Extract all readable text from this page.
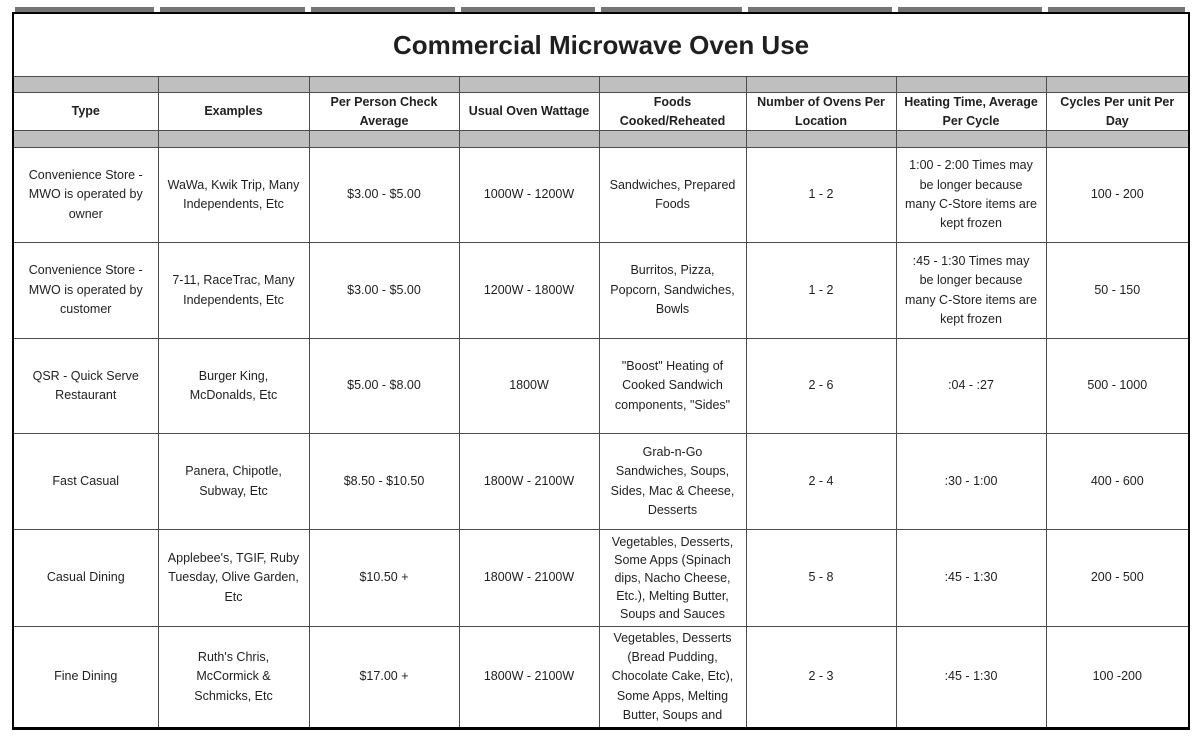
Commercial Microwave Oven Use							

Type	Examples	Per Person Check Average	Usual Oven Wattage	Foods Cooked/Reheated	Number of Ovens Per Location	Heating Time, Average Per Cycle	Cycles Per unit Per Day

Convenience Store - MWO is operated by owner	WaWa, Kwik Trip, Many Independents, Etc	$3.00 - $5.00	1000W - 1200W	Sandwiches, Prepared Foods	1 - 2	1:00 - 2:00 Times may be longer because many C-Store items are kept frozen	100 - 200
Convenience Store - MWO is operated by customer	7-11, RaceTrac, Many Independents, Etc	$3.00 - $5.00	1200W - 1800W	Burritos, Pizza, Popcorn, Sandwiches, Bowls	1 - 2	:45 - 1:30 Times may be longer because many C-Store items are kept frozen	50 - 150
QSR - Quick Serve Restaurant	Burger King, McDonalds, Etc	$5.00 - $8.00	1800W	"Boost" Heating of Cooked Sandwich components, "Sides"	2 - 6	:04 - :27	500 - 1000
Fast Casual	Panera, Chipotle, Subway, Etc	$8.50 - $10.50	1800W - 2100W	Grab-n-Go Sandwiches, Soups, Sides, Mac & Cheese, Desserts	2 - 4	:30 - 1:00	400 - 600
Casual Dining	Applebee's, TGIF, Ruby Tuesday, Olive Garden, Etc	$10.50 +	1800W - 2100W	Vegetables, Desserts, Some Apps (Spinach dips, Nacho Cheese, Etc.), Melting Butter, Soups and Sauces	5 - 8	:45 - 1:30	200 - 500
Fine Dining	Ruth's Chris, McCormick & Schmicks, Etc	$17.00 +	1800W - 2100W	Vegetables, Desserts (Bread Pudding, Chocolate Cake, Etc), Some Apps, Melting Butter, Soups and	2 - 3	:45 - 1:30	100 -200
